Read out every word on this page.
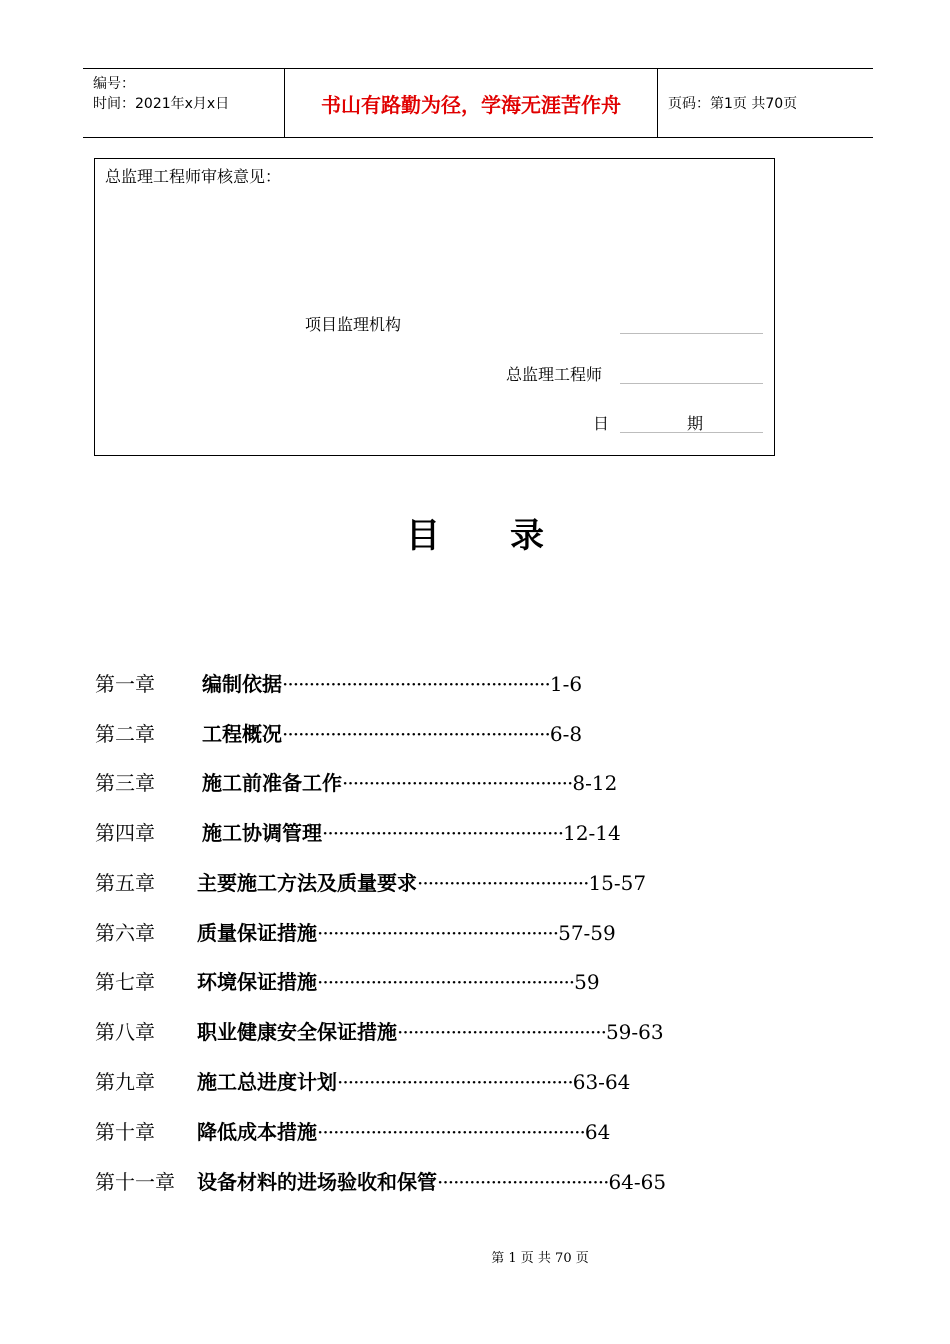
编号：
时间：2021年x月x日	书山有路勤为径，学海无涯苦作舟	页码：第1页 共70页
总监理工程师审核意见：
项目监理机构
总监理工程师
日	期
目录
第一章 编制依据··················································1-6
第二章 工程概况··················································6-8
第三章 施工前准备工作···········································8-12
第四章 施工协调管理·············································12-14
第五章 主要施工方法及质量要求································15-57
第六章 质量保证措施·············································57-59
第七章 环境保证措施················································59
第八章 职业健康安全保证措施·······································59-63
第九章 施工总进度计划············································63-64
第十章 降低成本措施··················································64
第十一章 设备材料的进场验收和保管································64-65
第 1 页 共 70 页
